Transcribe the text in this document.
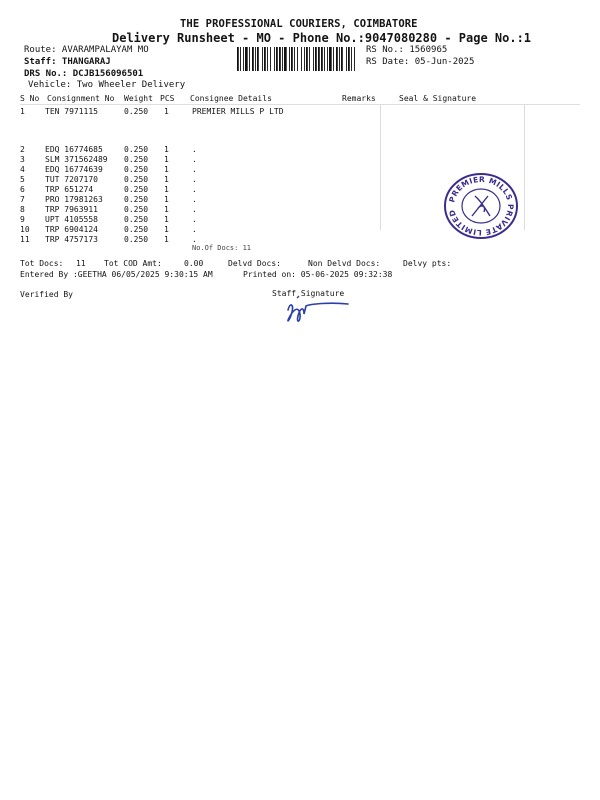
THE PROFESSIONAL COURIERS, COIMBATORE
Delivery Runsheet - MO - Phone No.:9047080280 - Page No.:1
Route: AVARAMPALAYAM MO
Staff: THANGARAJ
DRS No.: DCJB156096501
Vehicle: Two Wheeler Delivery
RS No.: 1560965
RS Date: 05-Jun-2025
S No Consignment No Weight PCS Consignee Details	Remarks	Seal & Signature
1	TEN 7971115	0.250 1	PREMIER MILLS P LTD
2	EDQ 16774685	0.250 1	.
3	SLM 371562489 0.250 1	.
4	EDQ 16774639	0.250 1	.
5	TUT 7207170	0.250 1	.
6	TRP 651274	0.250 1	.
7	PRO 17981263	0.250 1	.
8	TRP 7963911	0.250 1	.
9	UPT 4105558	0.250 1	.
10 TRP 6904124	0.250 1	.
11 TRP 4757173	0.250 1	.
No.Of Docs: 11
PREMIER MILLS PRIVATE LIMITED
Tot Docs: 11 Tot COD Amt:	0.00	Delvd Docs:	Non Delvd Docs:	Delvy pts:
Entered By :GEETHA 06/05/2025 9:30:15 AM	Printed on: 05-06-2025 09:32:38
Verified By	Staff Signature
